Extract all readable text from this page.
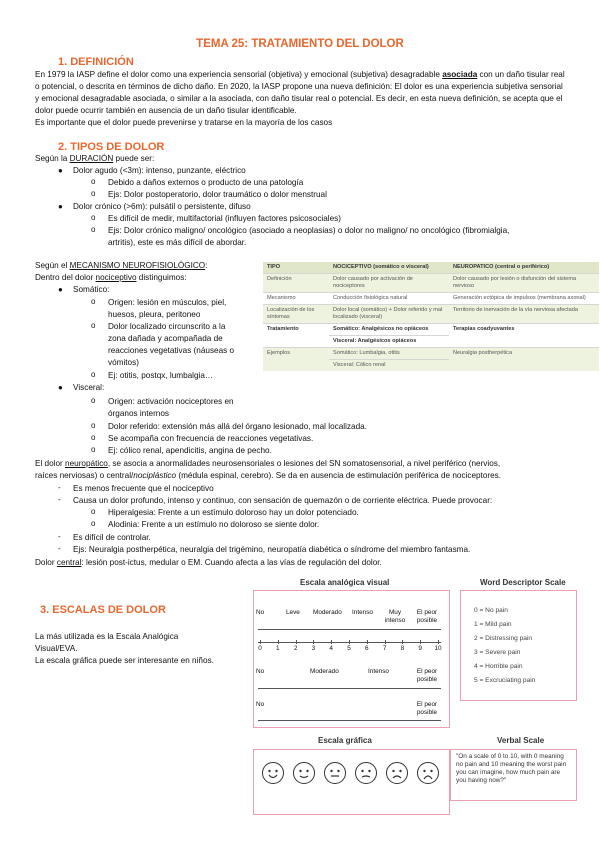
TEMA 25: TRATAMIENTO DEL DOLOR
1. DEFINICIÓN
En 1979 la IASP define el dolor como una experiencia sensorial (objetiva) y emocional (subjetiva) desagradable asociada con un daño tisular real o potencial, o descrita en términos de dicho daño. En 2020, la IASP propone una nueva definición: El dolor es una experiencia subjetiva sensorial y emocional desagradable asociada, o similar a la asociada, con daño tisular real o potencial. Es decir, en esta nueva definición, se acepta que el dolor puede ocurrir también en ausencia de un daño tisular identificable.
Es importante que el dolor puede prevenirse y tratarse en la mayoría de los casos
2. TIPOS DE DOLOR
Según la DURACIÓN puede ser:
● Dolor agudo (<3m): intenso, punzante, eléctrico
o Debido a daños externos o producto de una patología
o Ejs: Dolor postoperatorio, dolor traumático o dolor menstrual
● Dolor crónico (>6m): pulsátil o persistente, difuso
o Es difícil de medir, multifactorial (influyen factores psicosociales)
o Ejs: Dolor crónico maligno/ oncológico (asociado a neoplasias) o dolor no maligno/ no oncológico (fibromialgia,
artritis), este es más difícil de abordar.
Según el MECANISMO NEUROFISIOLÓGICO:
Dentro del dolor nociceptivo distinguimos:
● Somático:
o Origen: lesión en músculos, piel,
huesos, pleura, peritoneo
o Dolor localizado circunscrito a la
zona dañada y acompañada de
reacciones vegetativas (náuseas o
vómitos)
o Ej: otitis, postqx, lumbalgia…
● Visceral:
o Origen: activación nociceptores en
órganos internos
o Dolor referido: extensión más allá del órgano lesionado, mal localizada.
o Se acompaña con frecuencia de reacciones vegetativas.
o Ej: cólico renal, apendicitis, angina de pecho.
El dolor neuropático, se asocia a anormalidades neurosensoriales o lesiones del SN somatosensorial, a nivel periférico (nervios,
raíces nerviosas) o central/nociplástico (médula espinal, cerebro). Se da en ausencia de estimulación periférica de nociceptores.
- Es menos frecuente que el nociceptivo
- Causa un dolor profundo, intenso y continuo, con sensación de quemazón o de corriente eléctrica. Puede provocar:
o Hiperalgesia: Frente a un estímulo doloroso hay un dolor potenciado.
o Alodinia: Frente a un estímulo no doloroso se siente dolor.
- Es difícil de controlar.
- Ejs: Neuralgia postherpética, neuralgia del trigémino, neuropatía diabética o síndrome del miembro fantasma.
Dolor central: lesión post-ictus, medular o EM. Cuando afecta a las vías de regulación del dolor.
TIPO	NOCICEPTIVO (somático o visceral)	NEUROPATICO (central o periférico)
Definición	Dolor causado por activación de nociceptores	Dolor causado por lesión o disfunción del sistema nervioso
Mecanismo	Conducción fisiológica natural	Generación ectópica de impulsos (membrana axonal)
Localización de los síntomas	Dolor local (somático) + Dolor referido y mal localizado (visceral)	Territorio de inervación de la vía nerviosa afectada
Tratamiento	Somático: Analgésicos no opiáceos	Terapias coadyuvantes
	Visceral: Analgésicos opiáceos	
Ejemplos	Somático: Lumbalgia, otitis	Neuralgia postherpética
	Visceral: Cólico renal	
3. ESCALAS DE DOLOR
La más utilizada es la Escala Analógica
Visual/EVA.
La escala gráfica puede ser interesante en niños.
Escala analógica visual
No	Leve Moderado Intenso	Muy intenso
El peor posible
0	1	2	3	4	5	6	7	8	9	10
No	Moderado	Intenso	El peor posible
No	El peor posible
Word Descriptor Scale
0 = No pain
1 = Mild pain
2 = Distressing pain
3 = Severe pain
4 = Horrible pain
5 = Excruciating pain
Escala gráfica	Verbal Scale
"On a scale of 0 to 10, with 0 meaning no pain and 10 meaning the worst pain you can imagine, how much pain are you having now?"
